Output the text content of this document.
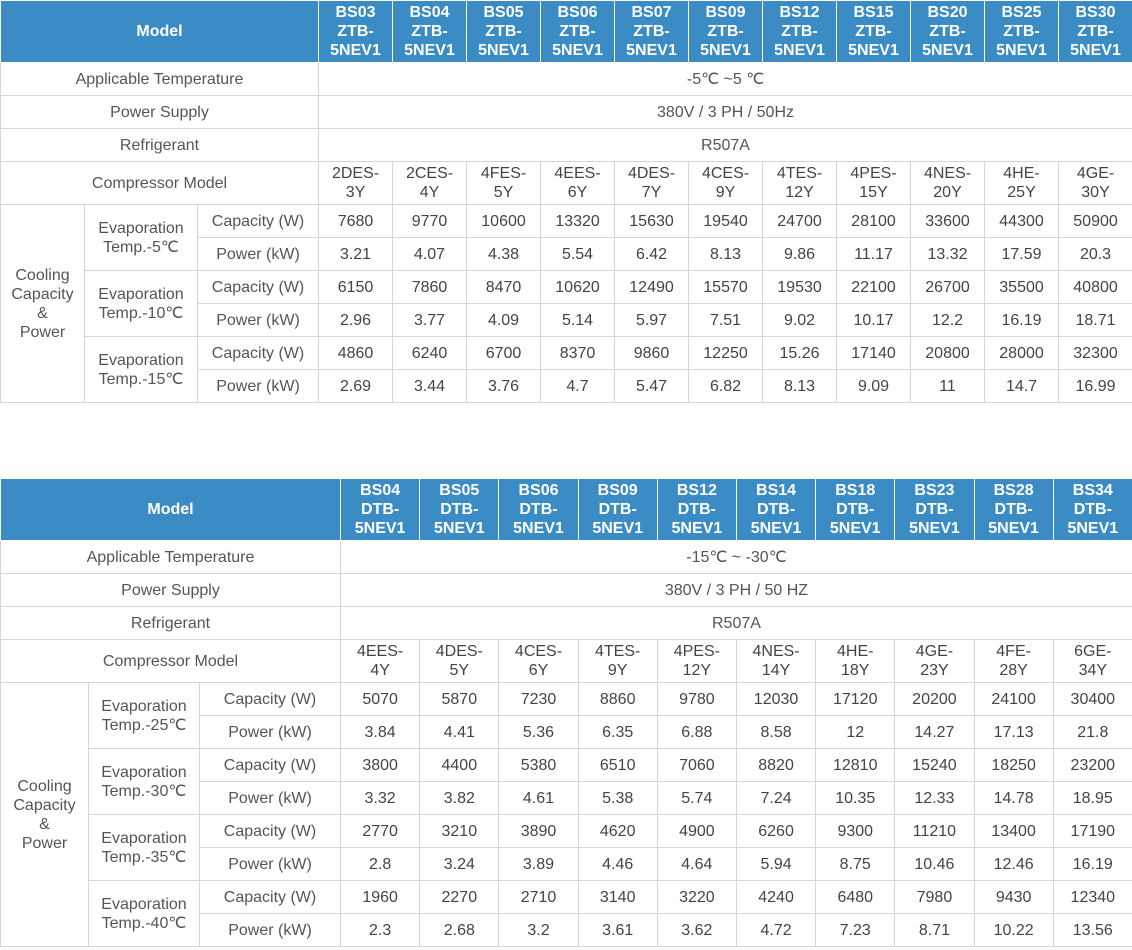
Model			BS03
ZTB-
5NEV1	BS04
ZTB-
5NEV1	BS05
ZTB-
5NEV1	BS06
ZTB-
5NEV1	BS07
ZTB-
5NEV1	BS09
ZTB-
5NEV1	BS12
ZTB-
5NEV1	BS15
ZTB-
5NEV1	BS20
ZTB-
5NEV1	BS25
ZTB-
5NEV1	BS30
ZTB-
5NEV1
Applicable Temperature			-5℃ ~5 ℃										
Power Supply			380V / 3 PH / 50Hz										
Refrigerant			R507A										
Compressor Model			2DES-
3Y	2CES-
4Y	4FES-
5Y	4EES-
6Y	4DES-
7Y	4CES-
9Y	4TES-
12Y	4PES-
15Y	4NES-
20Y	4HE-
25Y	4GE-
30Y
Cooling
Capacity
&
Power	Evaporation
Temp.-5℃	Capacity (W)	7680	9770	10600	13320	15630	19540	24700	28100	33600	44300	50900
		Power (kW)	3.21	4.07	4.38	5.54	6.42	8.13	9.86	11.17	13.32	17.59	20.3
	Evaporation
Temp.-10℃	Capacity (W)	6150	7860	8470	10620	12490	15570	19530	22100	26700	35500	40800
		Power (kW)	2.96	3.77	4.09	5.14	5.97	7.51	9.02	10.17	12.2	16.19	18.71
	Evaporation
Temp.-15℃	Capacity (W)	4860	6240	6700	8370	9860	12250	15.26	17140	20800	28000	32300
		Power (kW)	2.69	3.44	3.76	4.7	5.47	6.82	8.13	9.09	11	14.7	16.99
Model			BS04
DTB-
5NEV1	BS05
DTB-
5NEV1	BS06
DTB-
5NEV1	BS09
DTB-
5NEV1	BS12
DTB-
5NEV1	BS14
DTB-
5NEV1	BS18
DTB-
5NEV1	BS23
DTB-
5NEV1	BS28
DTB-
5NEV1	BS34
DTB-
5NEV1
Applicable Temperature			-15℃ ~ -30℃									
Power Supply			380V / 3 PH / 50 HZ									
Refrigerant			R507A									
Compressor Model			4EES-
4Y	4DES-
5Y	4CES-
6Y	4TES-
9Y	4PES-
12Y	4NES-
14Y	4HE-
18Y	4GE-
23Y	4FE-
28Y	6GE-
34Y
Cooling
Capacity
&
Power	Evaporation
Temp.-25℃	Capacity (W)	5070	5870	7230	8860	9780	12030	17120	20200	24100	30400
		Power (kW)	3.84	4.41	5.36	6.35	6.88	8.58	12	14.27	17.13	21.8
	Evaporation
Temp.-30℃	Capacity (W)	3800	4400	5380	6510	7060	8820	12810	15240	18250	23200
		Power (kW)	3.32	3.82	4.61	5.38	5.74	7.24	10.35	12.33	14.78	18.95
	Evaporation
Temp.-35℃	Capacity (W)	2770	3210	3890	4620	4900	6260	9300	11210	13400	17190
		Power (kW)	2.8	3.24	3.89	4.46	4.64	5.94	8.75	10.46	12.46	16.19
	Evaporation
Temp.-40℃	Capacity (W)	1960	2270	2710	3140	3220	4240	6480	7980	9430	12340
		Power (kW)	2.3	2.68	3.2	3.61	3.62	4.72	7.23	8.71	10.22	13.56
